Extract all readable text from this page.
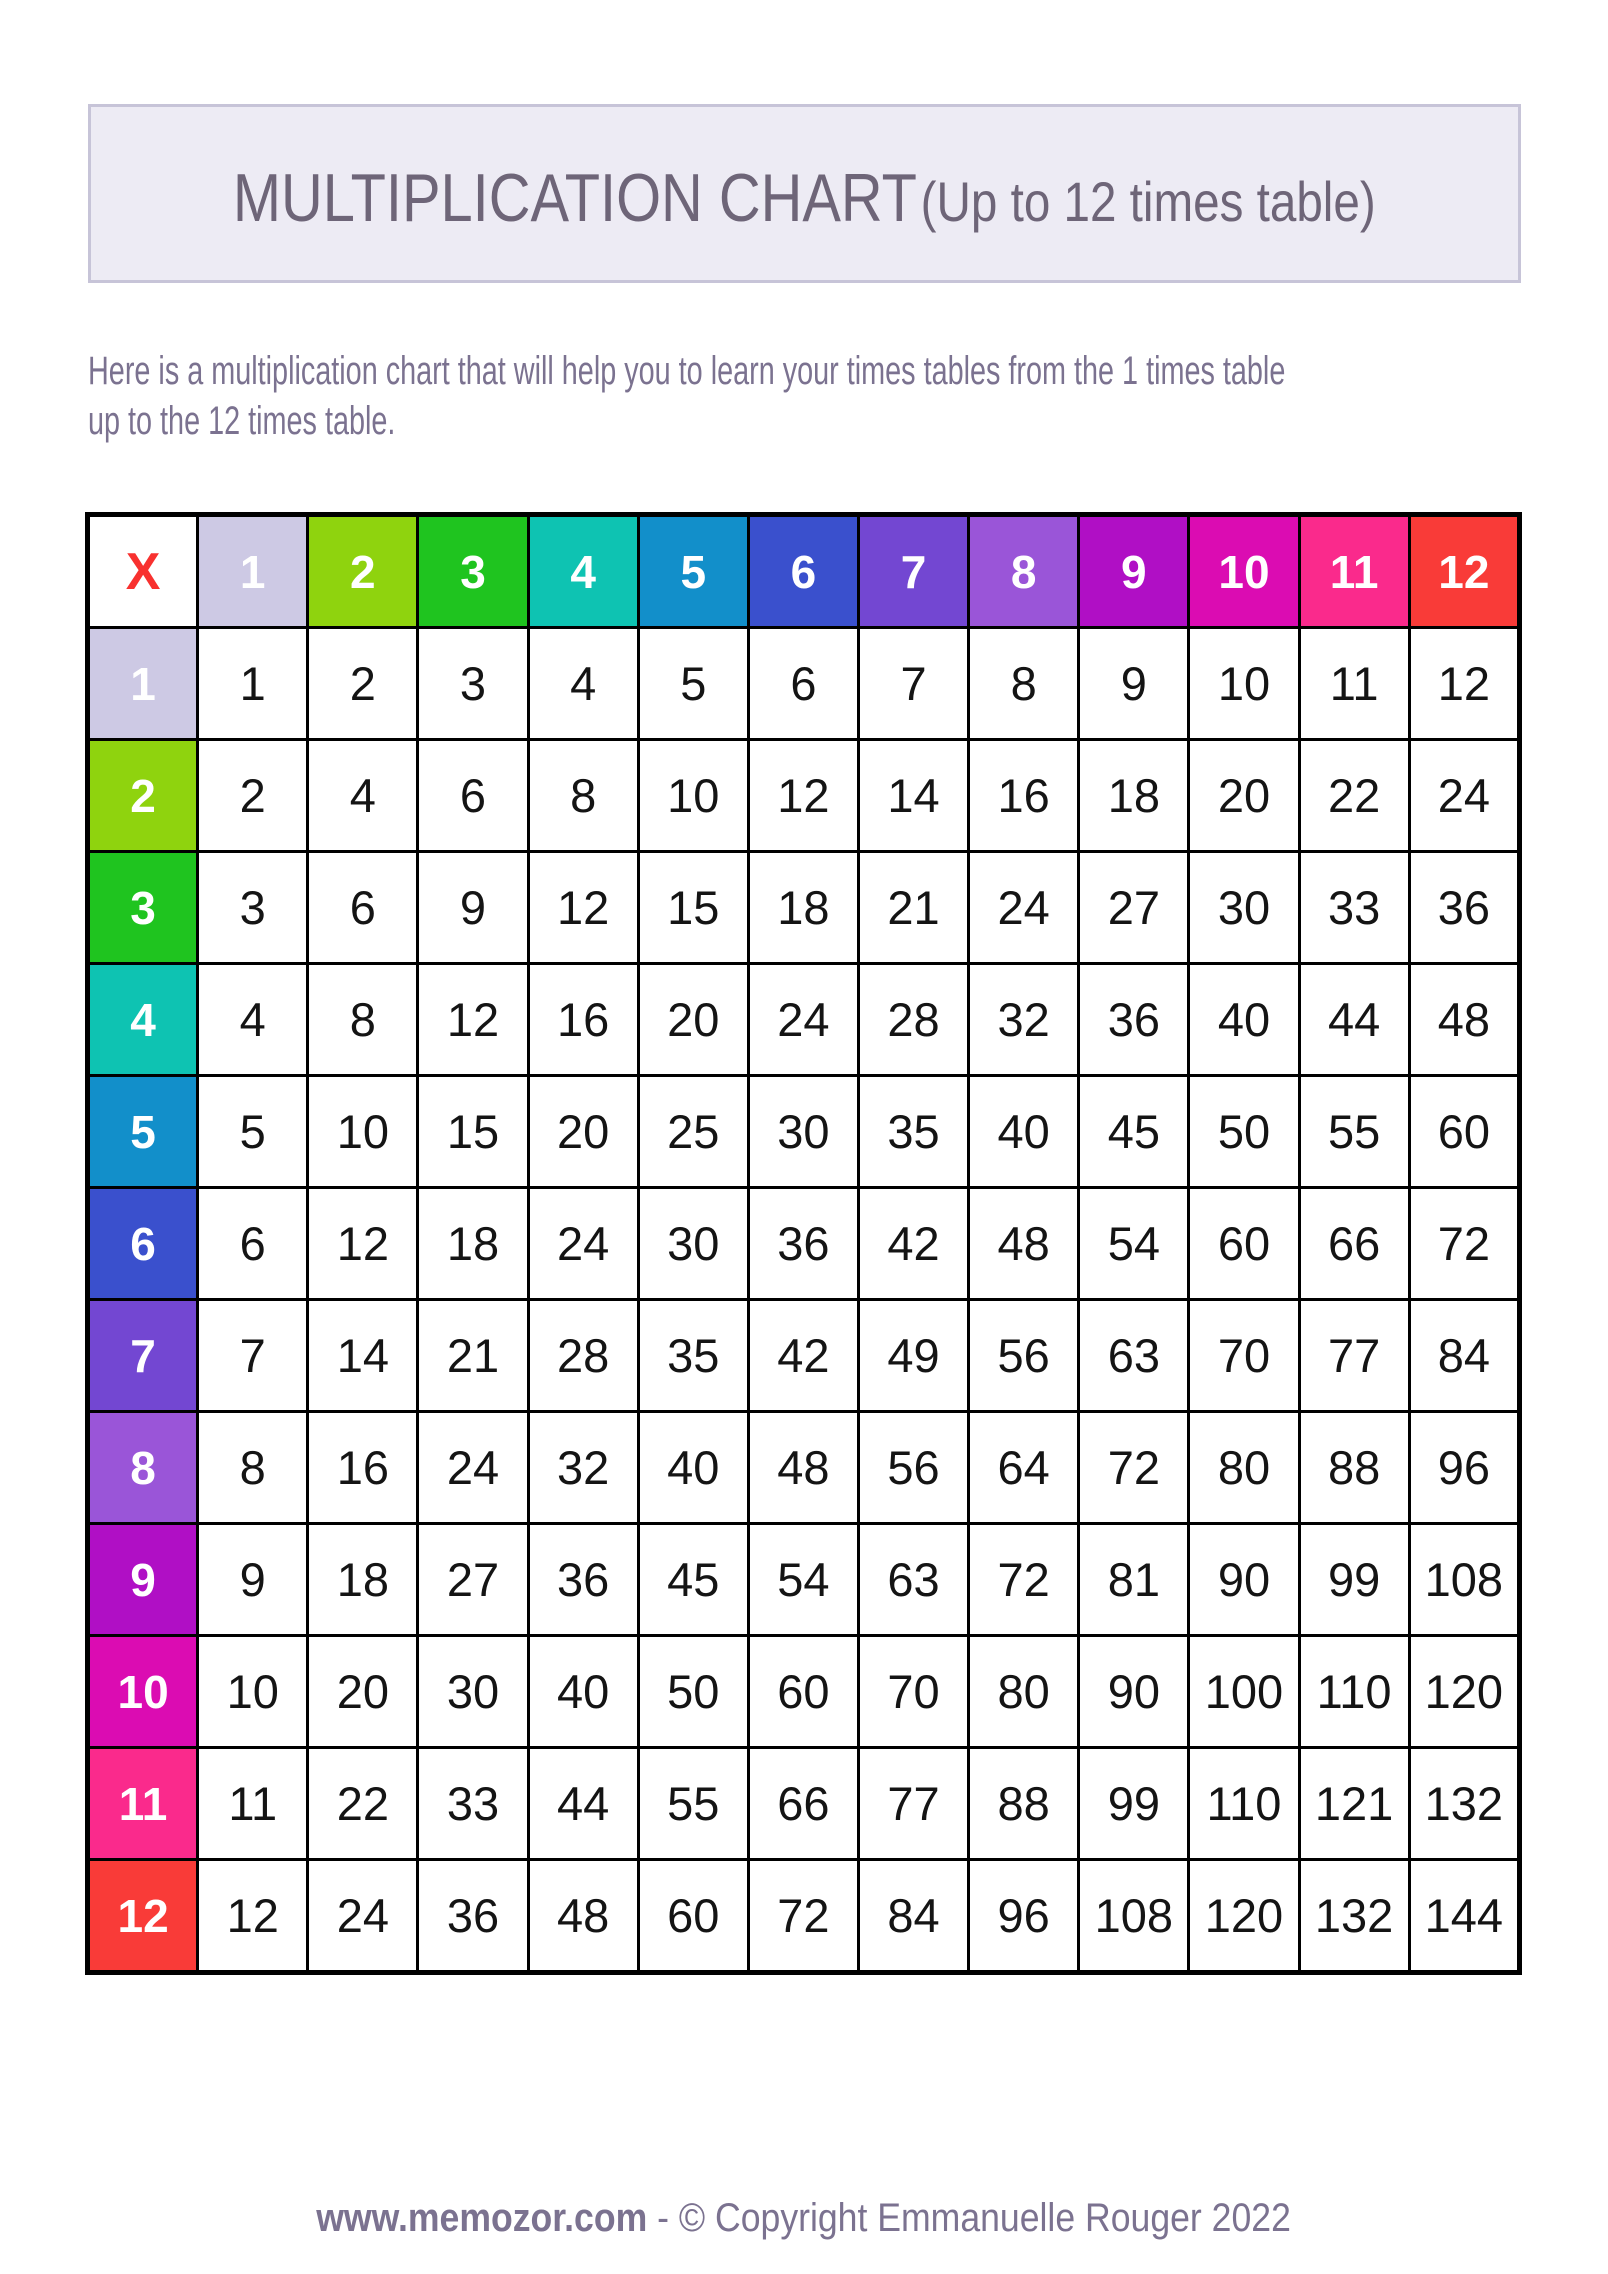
MULTIPLICATION CHART (Up to 12 times table)
Here is a multiplication chart that will help you to learn your times tables from the 1 times table
up to the 12 times table.
X	1	2	3	4	5	6	7	8	9	10	11	12
1	1	2	3	4	5	6	7	8	9	10	11	12
2	2	4	6	8	10	12	14	16	18	20	22	24
3	3	6	9	12	15	18	21	24	27	30	33	36
4	4	8	12	16	20	24	28	32	36	40	44	48
5	5	10	15	20	25	30	35	40	45	50	55	60
6	6	12	18	24	30	36	42	48	54	60	66	72
7	7	14	21	28	35	42	49	56	63	70	77	84
8	8	16	24	32	40	48	56	64	72	80	88	96
9	9	18	27	36	45	54	63	72	81	90	99	108
10	10	20	30	40	50	60	70	80	90	100	110	120
11	11	22	33	44	55	66	77	88	99	110	121	132
12	12	24	36	48	60	72	84	96	108	120	132	144
www.memozor.com - © Copyright Emmanuelle Rouger 2022
